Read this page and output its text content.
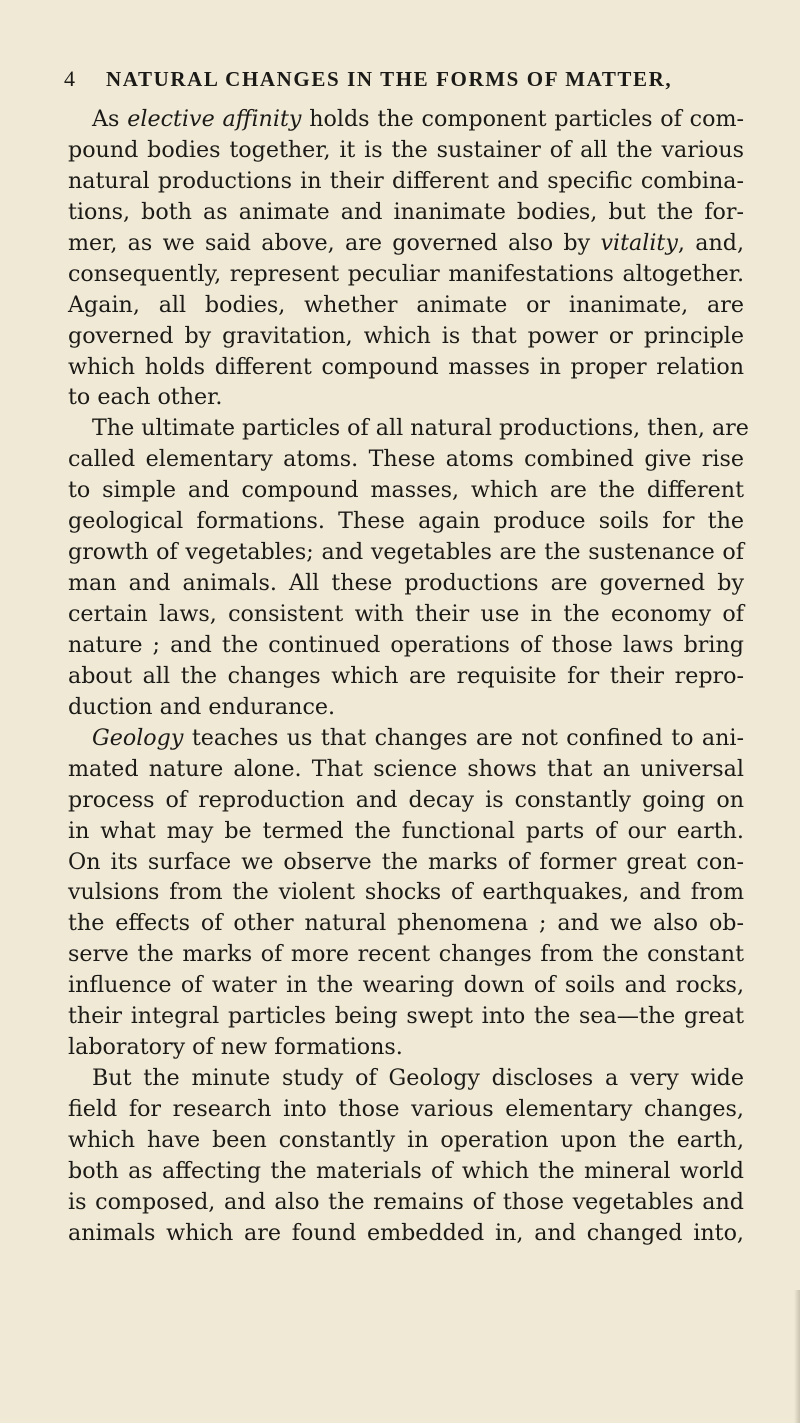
4	NATURAL CHANGES IN THE FORMS OF MATTER,
As elective affinity holds the component particles of com-
pound bodies together, it is the sustainer of all the various
natural productions in their different and specific combina-
tions, both as animate and inanimate bodies, but the for-
mer, as we said above, are governed also by vitality, and,
consequently, represent peculiar manifestations altogether.
Again, all bodies, whether animate or inanimate, are
governed by gravitation, which is that power or principle
which holds different compound masses in proper relation
to each other.
The ultimate particles of all natural productions, then, are
called elementary atoms. These atoms combined give rise
to simple and compound masses, which are the different
geological formations. These again produce soils for the
growth of vegetables; and vegetables are the sustenance of
man and animals. All these productions are governed by
certain laws, consistent with their use in the economy of
nature ; and the continued operations of those laws bring
about all the changes which are requisite for their repro-
duction and endurance.
Geology teaches us that changes are not confined to ani-
mated nature alone. That science shows that an universal
process of reproduction and decay is constantly going on
in what may be termed the functional parts of our earth.
On its surface we observe the marks of former great con-
vulsions from the violent shocks of earthquakes, and from
the effects of other natural phenomena ; and we also ob-
serve the marks of more recent changes from the constant
influence of water in the wearing down of soils and rocks,
their integral particles being swept into the sea—the great
laboratory of new formations.
But the minute study of Geology discloses a very wide
field for research into those various elementary changes,
which have been constantly in operation upon the earth,
both as affecting the materials of which the mineral world
is composed, and also the remains of those vegetables and
animals which are found embedded in, and changed into,
